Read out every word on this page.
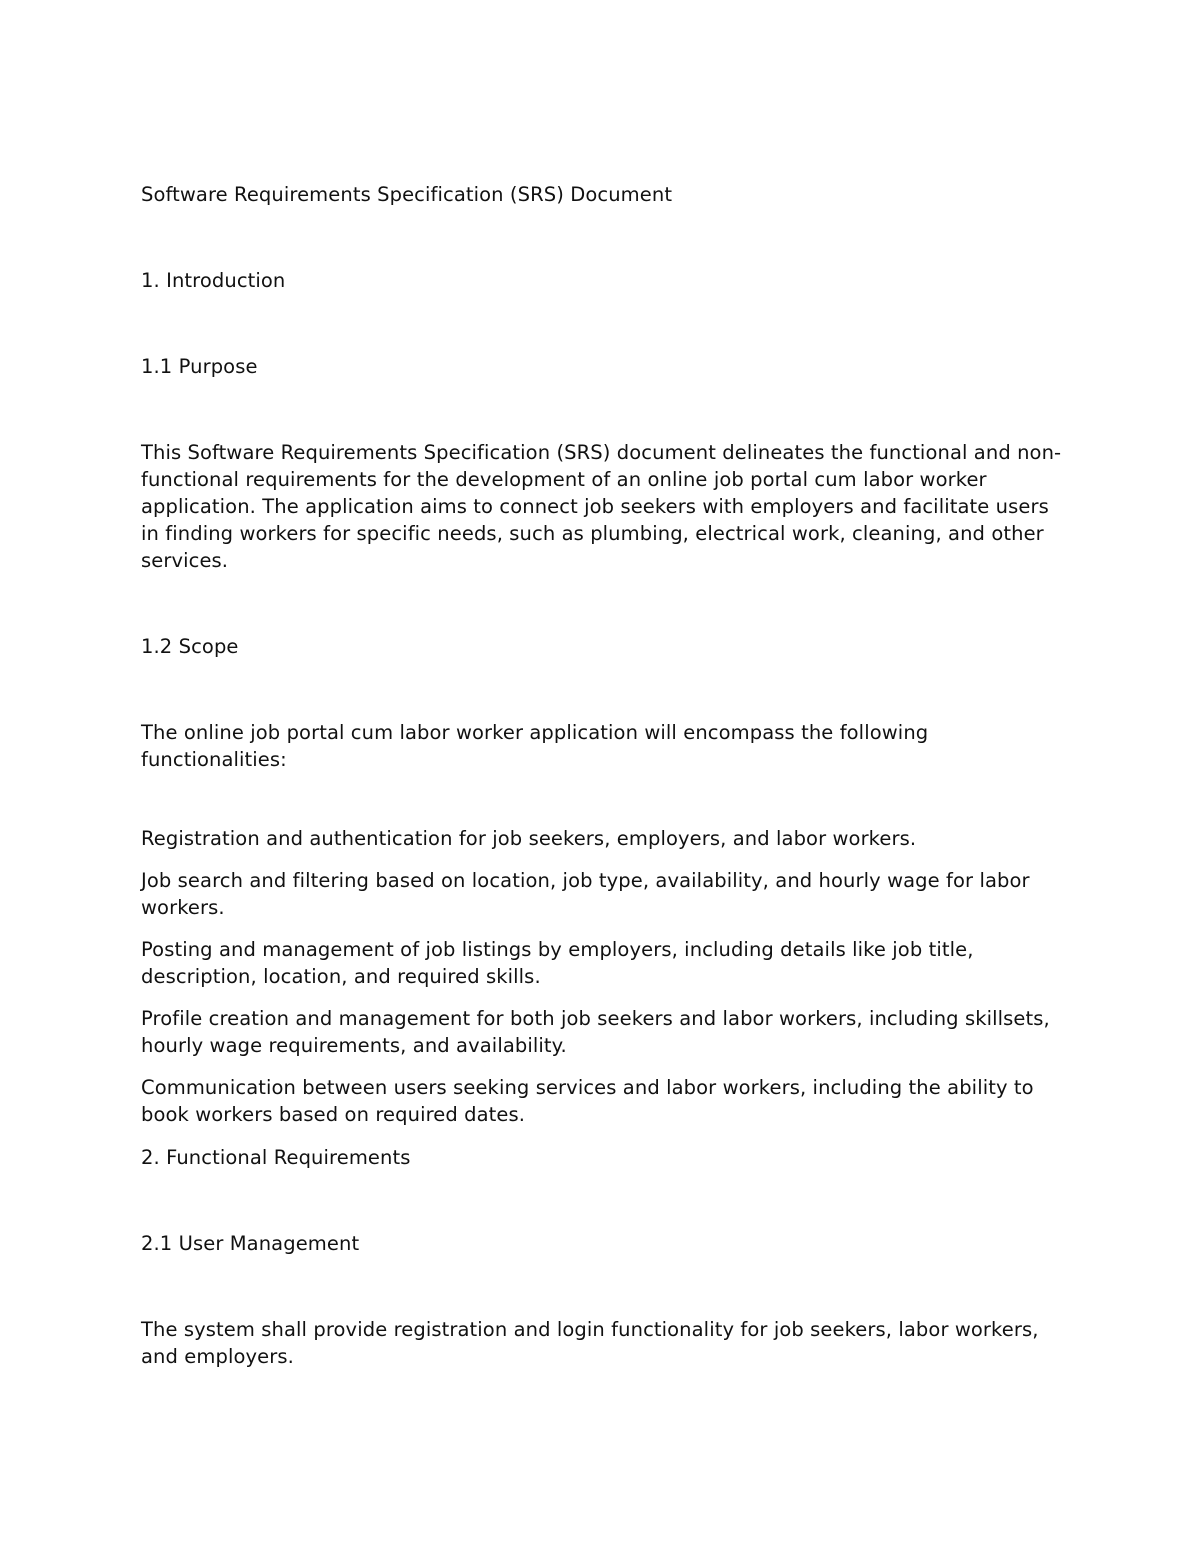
Software Requirements Specification (SRS) Document

1. Introduction

1.1 Purpose

This Software Requirements Specification (SRS) document delineates the functional and non-functional requirements for the development of an online job portal cum labor worker application. The application aims to connect job seekers with employers and facilitate users in finding workers for specific needs, such as plumbing, electrical work, cleaning, and other services.

1.2 Scope

The online job portal cum labor worker application will encompass the following functionalities:

Registration and authentication for job seekers, employers, and labor workers.

Job search and filtering based on location, job type, availability, and hourly wage for labor workers.

Posting and management of job listings by employers, including details like job title, description, location, and required skills.

Profile creation and management for both job seekers and labor workers, including skillsets, hourly wage requirements, and availability.

Communication between users seeking services and labor workers, including the ability to book workers based on required dates.

2. Functional Requirements

2.1 User Management

The system shall provide registration and login functionality for job seekers, labor workers, and employers.
